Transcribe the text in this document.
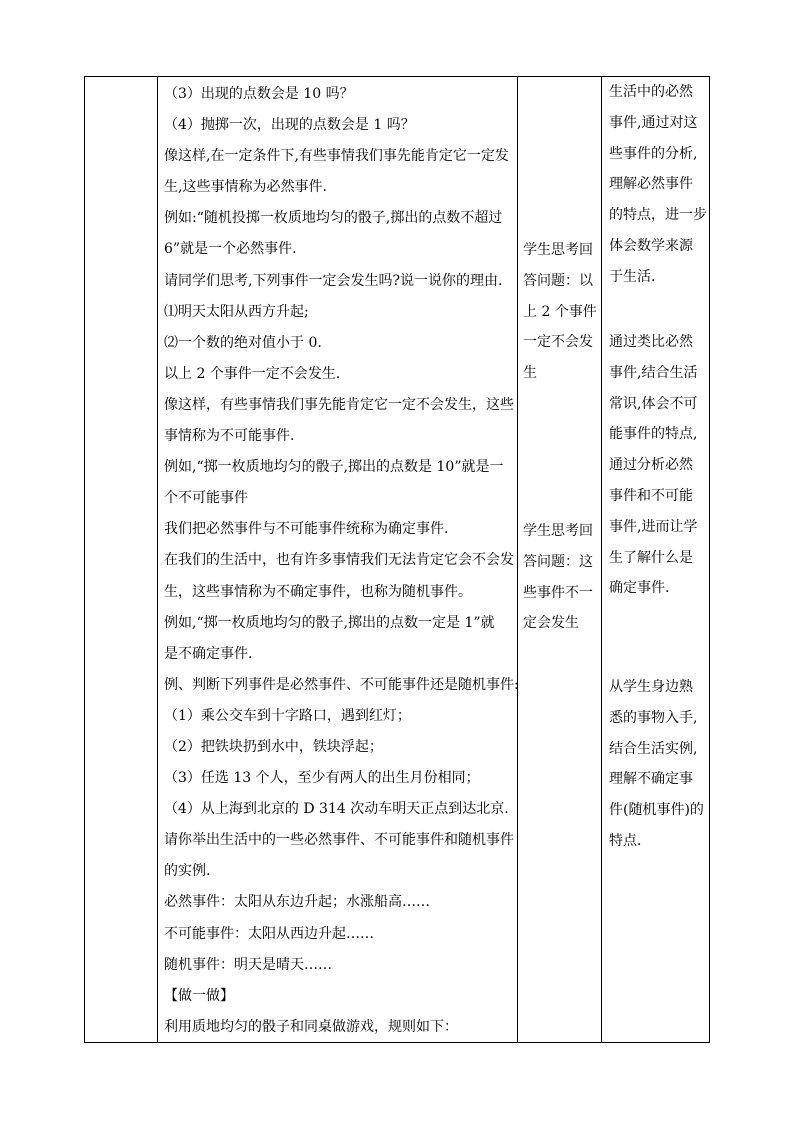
（3）出现的点数会是 10 吗？
（4）抛掷一次，出现的点数会是 1 吗？
像这样,在一定条件下,有些事情我们事先能肯定它一定发
生,这些事情称为必然事件.
例如:“随机投掷一枚质地均匀的骰子,掷出的点数不超过
6”就是一个必然事件.
请同学们思考,下列事件一定会发生吗?说一说你的理由.
⑴明天太阳从西方升起;
⑵一个数的绝对值小于 0.
以上 2 个事件一定不会发生.
像这样，有些事情我们事先能肯定它一定不会发生，这些
事情称为不可能事件.
例如,“掷一枚质地均匀的骰子,掷出的点数是 10”就是一
个不可能事件
我们把必然事件与不可能事件统称为确定事件.
在我们的生活中，也有许多事情我们无法肯定它会不会发
生，这些事情称为不确定事件，也称为随机事件。
例如,“掷一枚质地均匀的骰子,掷出的点数一定是 1”就
是不确定事件.
例、判断下列事件是必然事件、不可能事件还是随机事件:
（1）乘公交车到十字路口，遇到红灯；
（2）把铁块扔到水中，铁块浮起；
（3）任选 13 个人，至少有两人的出生月份相同；
（4）从上海到北京的 D 314 次动车明天正点到达北京.
请你举出生活中的一些必然事件、不可能事件和随机事件
的实例.
必然事件：太阳从东边升起；水涨船高……
不可能事件：太阳从西边升起……
随机事件：明天是晴天……
【做一做】
利用质地均匀的骰子和同桌做游戏，规则如下：
学生思考回
答问题：以
上 2 个事件
一定不会发
生
学生思考回
答问题：这
些事件不一
定会发生
生活中的必然
事件,通过对这
些事件的分析,
理解必然事件
的特点，进一步
体会数学来源
于生活.
通过类比必然
事件,结合生活
常识,体会不可
能事件的特点,
通过分析必然
事件和不可能
事件,进而让学
生了解什么是
确定事件.
从学生身边熟
悉的事物入手,
结合生活实例,
理解不确定事
件(随机事件)的
特点.
